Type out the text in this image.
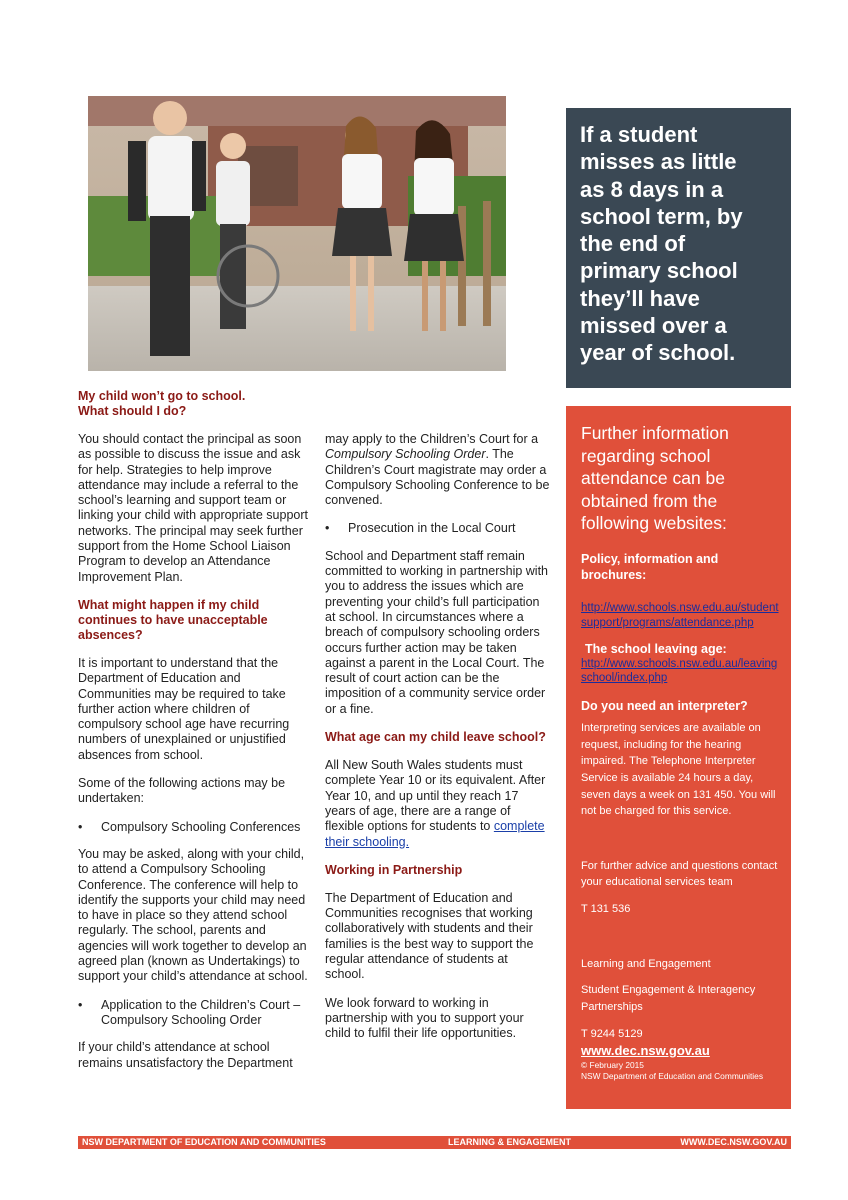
My child won’t go to school.
What should I do?

You should contact the principal as soon as possible to discuss the issue and ask for help. Strategies to help improve attendance may include a referral to the school’s learning and support team or linking your child with appropriate support networks. The principal may seek further support from the Home School Liaison Program to develop an Attendance Improvement Plan.

What might happen if my child continues to have unacceptable absences?

It is important to understand that the Department of Education and Communities may be required to take further action where children of compulsory school age have recurring numbers of unexplained or unjustified absences from school.

Some of the following actions may be undertaken:

• Compulsory Schooling Conferences

You may be asked, along with your child, to attend a Compulsory Schooling Conference. The conference will help to identify the supports your child may need to have in place so they attend school regularly. The school, parents and agencies will work together to develop an agreed plan (known as Undertakings) to support your child’s attendance at school.

• Application to the Children’s Court – Compulsory Schooling Order

If your child’s attendance at school remains unsatisfactory the Department

may apply to the Children’s Court for a Compulsory Schooling Order. The Children’s Court magistrate may order a Compulsory Schooling Conference to be convened.

• Prosecution in the Local Court

School and Department staff remain committed to working in partnership with you to address the issues which are preventing your child’s full participation at school. In circumstances where a breach of compulsory schooling orders occurs further action may be taken against a parent in the Local Court. The result of court action can be the imposition of a community service order or a fine.

What age can my child leave school?

All New South Wales students must complete Year 10 or its equivalent. After Year 10, and up until they reach 17 years of age, there are a range of flexible options for students to complete their schooling.

Working in Partnership

The Department of Education and Communities recognises that working collaboratively with students and their families is the best way to support the regular attendance of students at school.

We look forward to working in partnership with you to support your child to fulfil their life opportunities.

If a student
misses as little
as 8 days in a
school term, by
the end of
primary school
they’ll have
missed over a
year of school.
Further information
regarding school
attendance can be
obtained from the
following websites:
Policy, information and
brochures:
http://www.schools.nsw.edu.au/studentsupport/programs/attendance.php
The school leaving age:
http://www.schools.nsw.edu.au/leavingschool/index.php
Do you need an interpreter?

Interpreting services are available on request, including for the hearing impaired. The Telephone Interpreter Service is available 24 hours a day, seven days a week on 131 450. You will not be charged for this service.

For further advice and questions contact your educational services team

T 131 536

Learning and Engagement

Student Engagement & Interagency Partnerships

T 9244 5129

www.dec.nsw.gov.au

© February 2015

NSW Department of Education and Communities

NSW DEPARTMENT OF EDUCATION AND COMMUNITIES	LEARNING & ENGAGEMENT	WWW.DEC.NSW.GOV.AU
